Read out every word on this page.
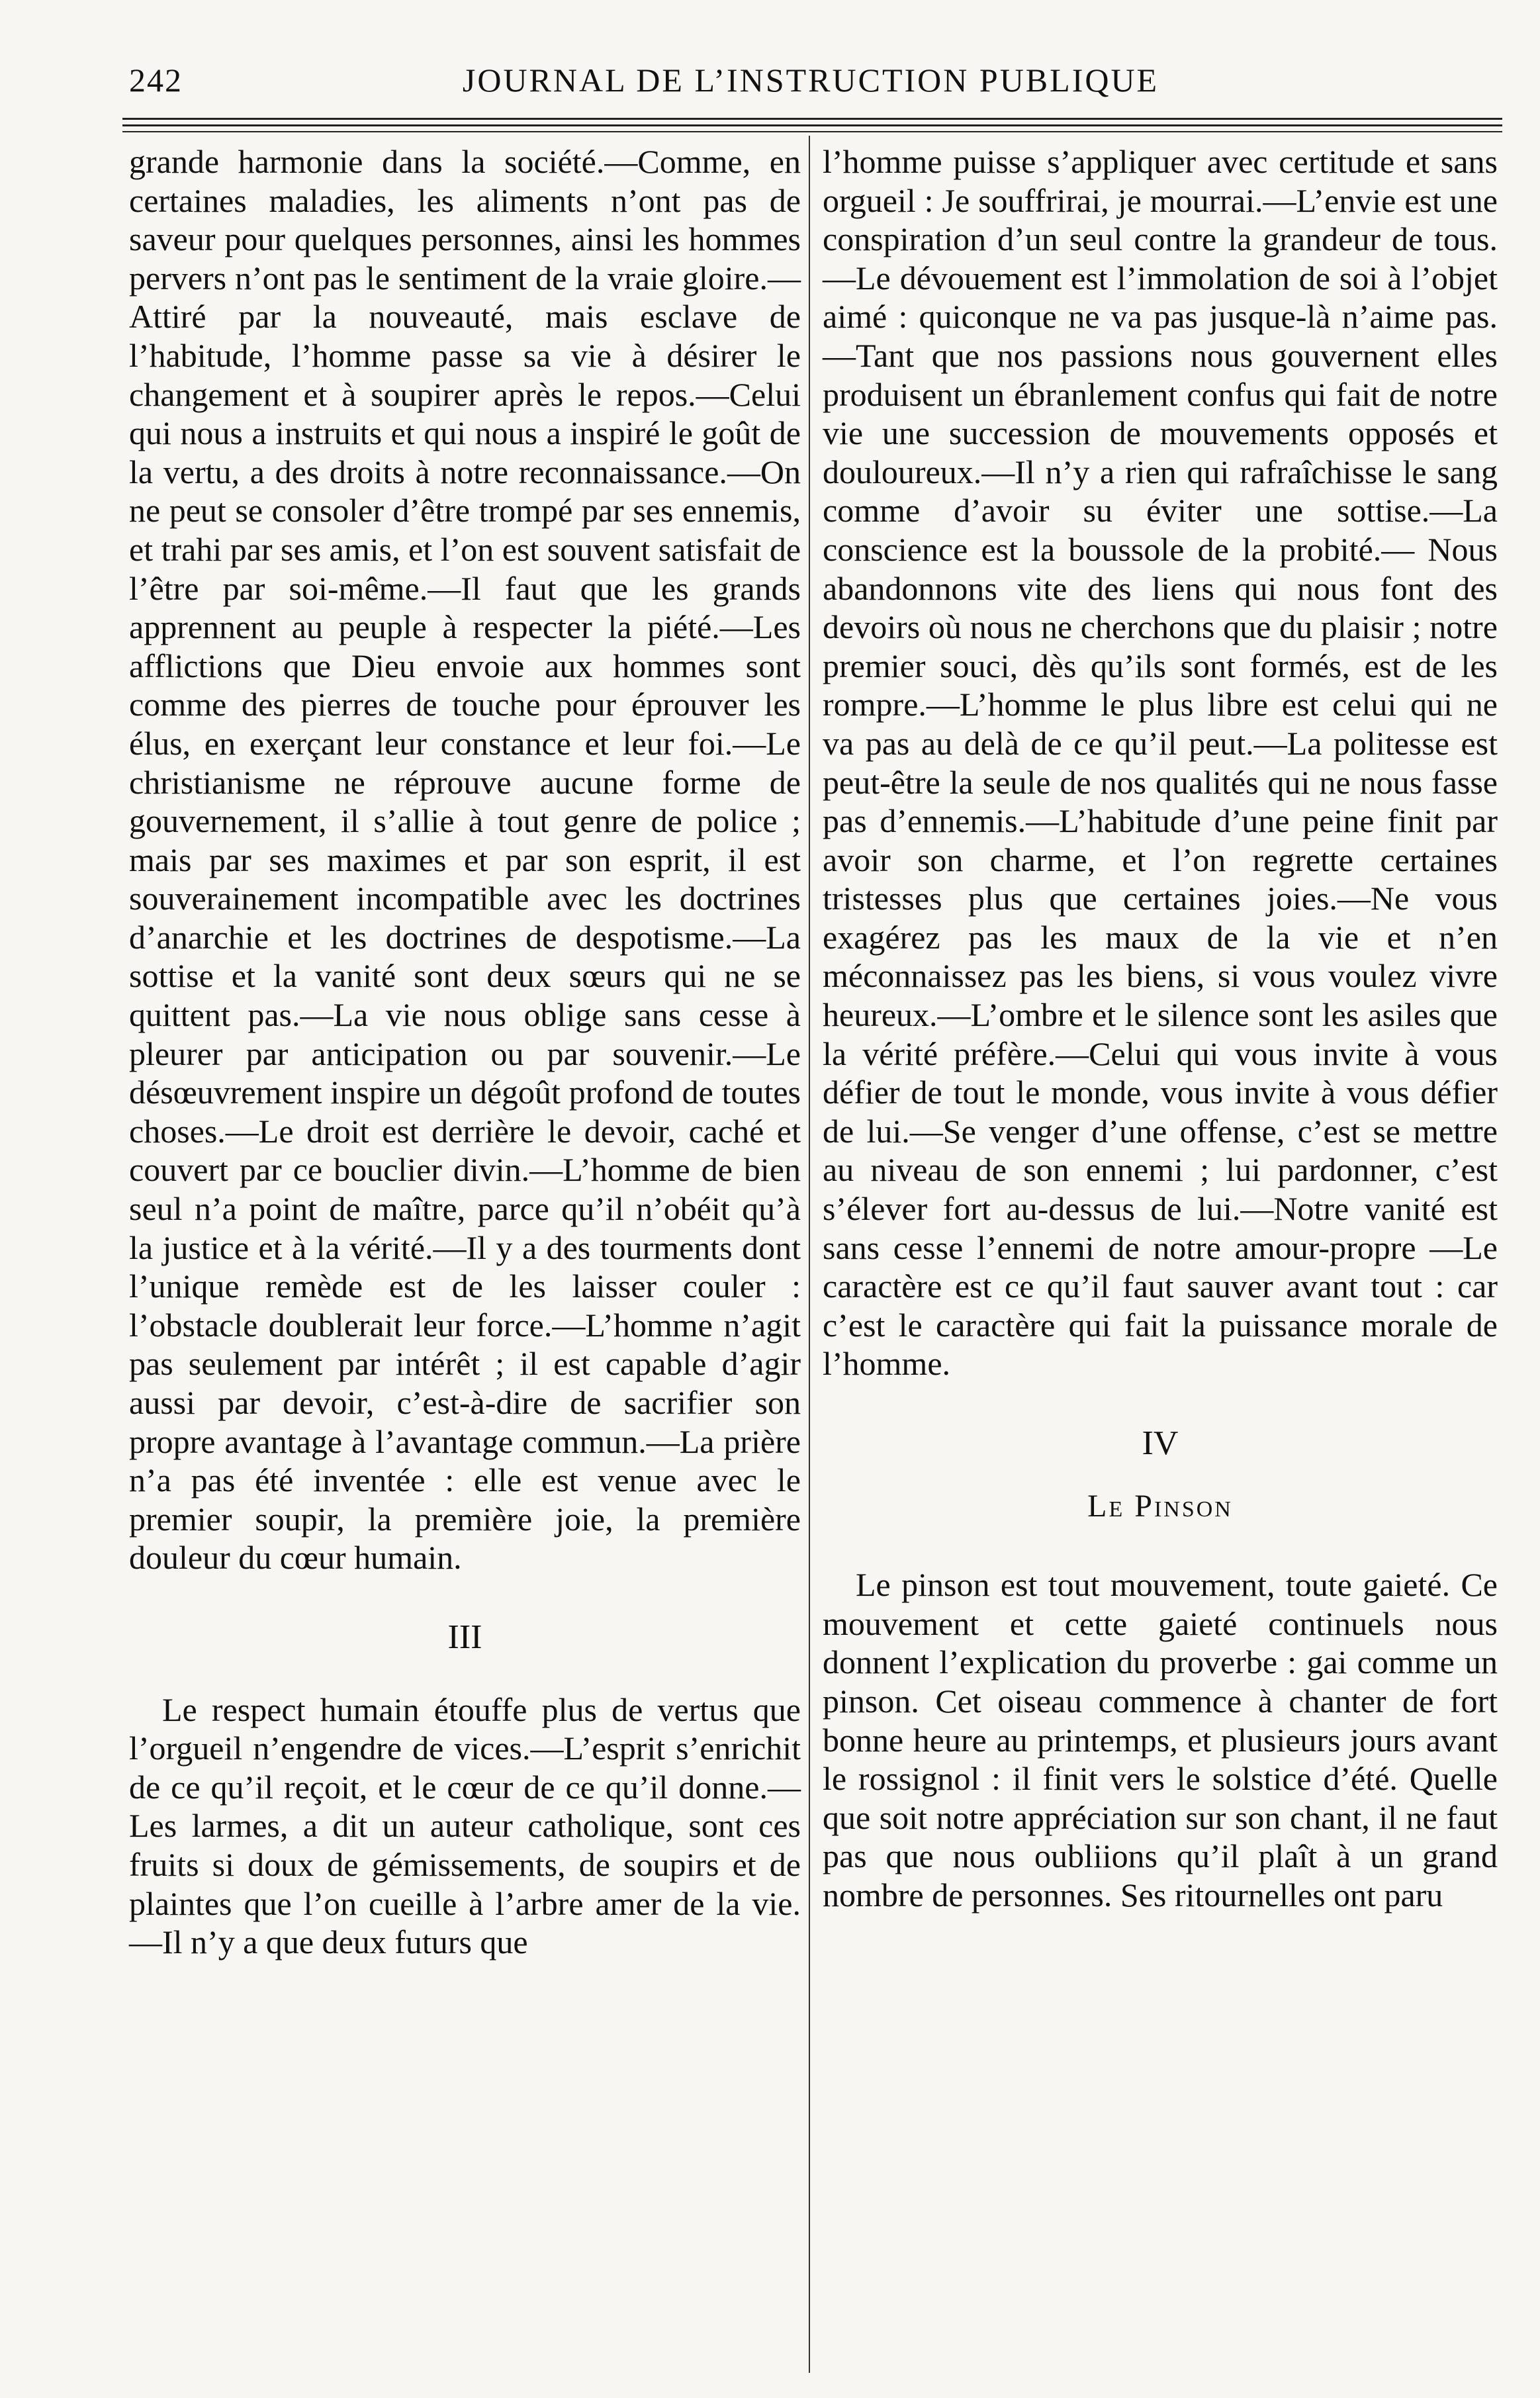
242	JOURNAL DE L’INSTRUCTION PUBLIQUE

grande harmonie dans la société.—Comme, en certaines maladies, les aliments n’ont pas de saveur pour quelques personnes, ainsi les hommes pervers n’ont pas le sentiment de la vraie gloire.—Attiré par la nouveauté, mais esclave de l’habitude, l’homme passe sa vie à désirer le changement et à soupirer après le repos.—Celui qui nous a instruits et qui nous a inspiré le goût de la vertu, a des droits à notre reconnaissance.—On ne peut se consoler d’être trompé par ses ennemis, et trahi par ses amis, et l’on est souvent satisfait de l’être par soi-même.—Il faut que les grands apprennent au peuple à respecter la piété.—Les afflictions que Dieu envoie aux hommes sont comme des pierres de touche pour éprouver les élus, en exerçant leur constance et leur foi.—Le christianisme ne réprouve aucune forme de gouvernement, il s’allie à tout genre de police ; mais par ses maximes et par son esprit, il est souverainement incompatible avec les doctrines d’anarchie et les doctrines de despotisme.—La sottise et la vanité sont deux sœurs qui ne se quittent pas.—La vie nous oblige sans cesse à pleurer par anticipation ou par souvenir.—Le désœuvrement inspire un dégoût profond de toutes choses.—Le droit est derrière le devoir, caché et couvert par ce bouclier divin.—L’homme de bien seul n’a point de maître, parce qu’il n’obéit qu’à la justice et à la vérité.—Il y a des tourments dont l’unique remède est de les laisser couler : l’obstacle doublerait leur force.—L’homme n’agit pas seulement par intérêt ; il est capable d’agir aussi par devoir, c’est-à-dire de sacrifier son propre avantage à l’avantage commun.—La prière n’a pas été inventée : elle est venue avec le premier soupir, la première joie, la première douleur du cœur humain.

III

Le respect humain étouffe plus de vertus que l’orgueil n’engendre de vices.—L’esprit s’enrichit de ce qu’il reçoit, et le cœur de ce qu’il donne.—Les larmes, a dit un auteur catholique, sont ces fruits si doux de gémissements, de soupirs et de plaintes que l’on cueille à l’arbre amer de la vie.—Il n’y a que deux futurs que

l’homme puisse s’appliquer avec certitude et sans orgueil : Je souffrirai, je mourrai.—L’envie est une conspiration d’un seul contre la grandeur de tous.—Le dévouement est l’immolation de soi à l’objet aimé : quiconque ne va pas jusque-là n’aime pas.—Tant que nos passions nous gouvernent elles produisent un ébranlement confus qui fait de notre vie une succession de mouvements opposés et douloureux.—Il n’y a rien qui rafraîchisse le sang comme d’avoir su éviter une sottise.—La conscience est la boussole de la probité.— Nous abandonnons vite des liens qui nous font des devoirs où nous ne cherchons que du plaisir ; notre premier souci, dès qu’ils sont formés, est de les rompre.—L’homme le plus libre est celui qui ne va pas au delà de ce qu’il peut.—La politesse est peut-être la seule de nos qualités qui ne nous fasse pas d’ennemis.—L’habitude d’une peine finit par avoir son charme, et l’on regrette certaines tristesses plus que certaines joies.—Ne vous exagérez pas les maux de la vie et n’en méconnaissez pas les biens, si vous voulez vivre heureux.—L’ombre et le silence sont les asiles que la vérité préfère.—Celui qui vous invite à vous défier de tout le monde, vous invite à vous défier de lui.—Se venger d’une offense, c’est se mettre au niveau de son ennemi ; lui pardonner, c’est s’élever fort au-dessus de lui.—Notre vanité est sans cesse l’ennemi de notre amour-propre —Le caractère est ce qu’il faut sauver avant tout : car c’est le caractère qui fait la puissance morale de l’homme.

IV

Le Pinson

Le pinson est tout mouvement, toute gaieté. Ce mouvement et cette gaieté continuels nous donnent l’explication du proverbe : gai comme un pinson. Cet oiseau commence à chanter de fort bonne heure au printemps, et plusieurs jours avant le rossignol : il finit vers le solstice d’été. Quelle que soit notre appréciation sur son chant, il ne faut pas que nous oubliions qu’il plaît à un grand nombre de personnes. Ses ritournelles ont paru
